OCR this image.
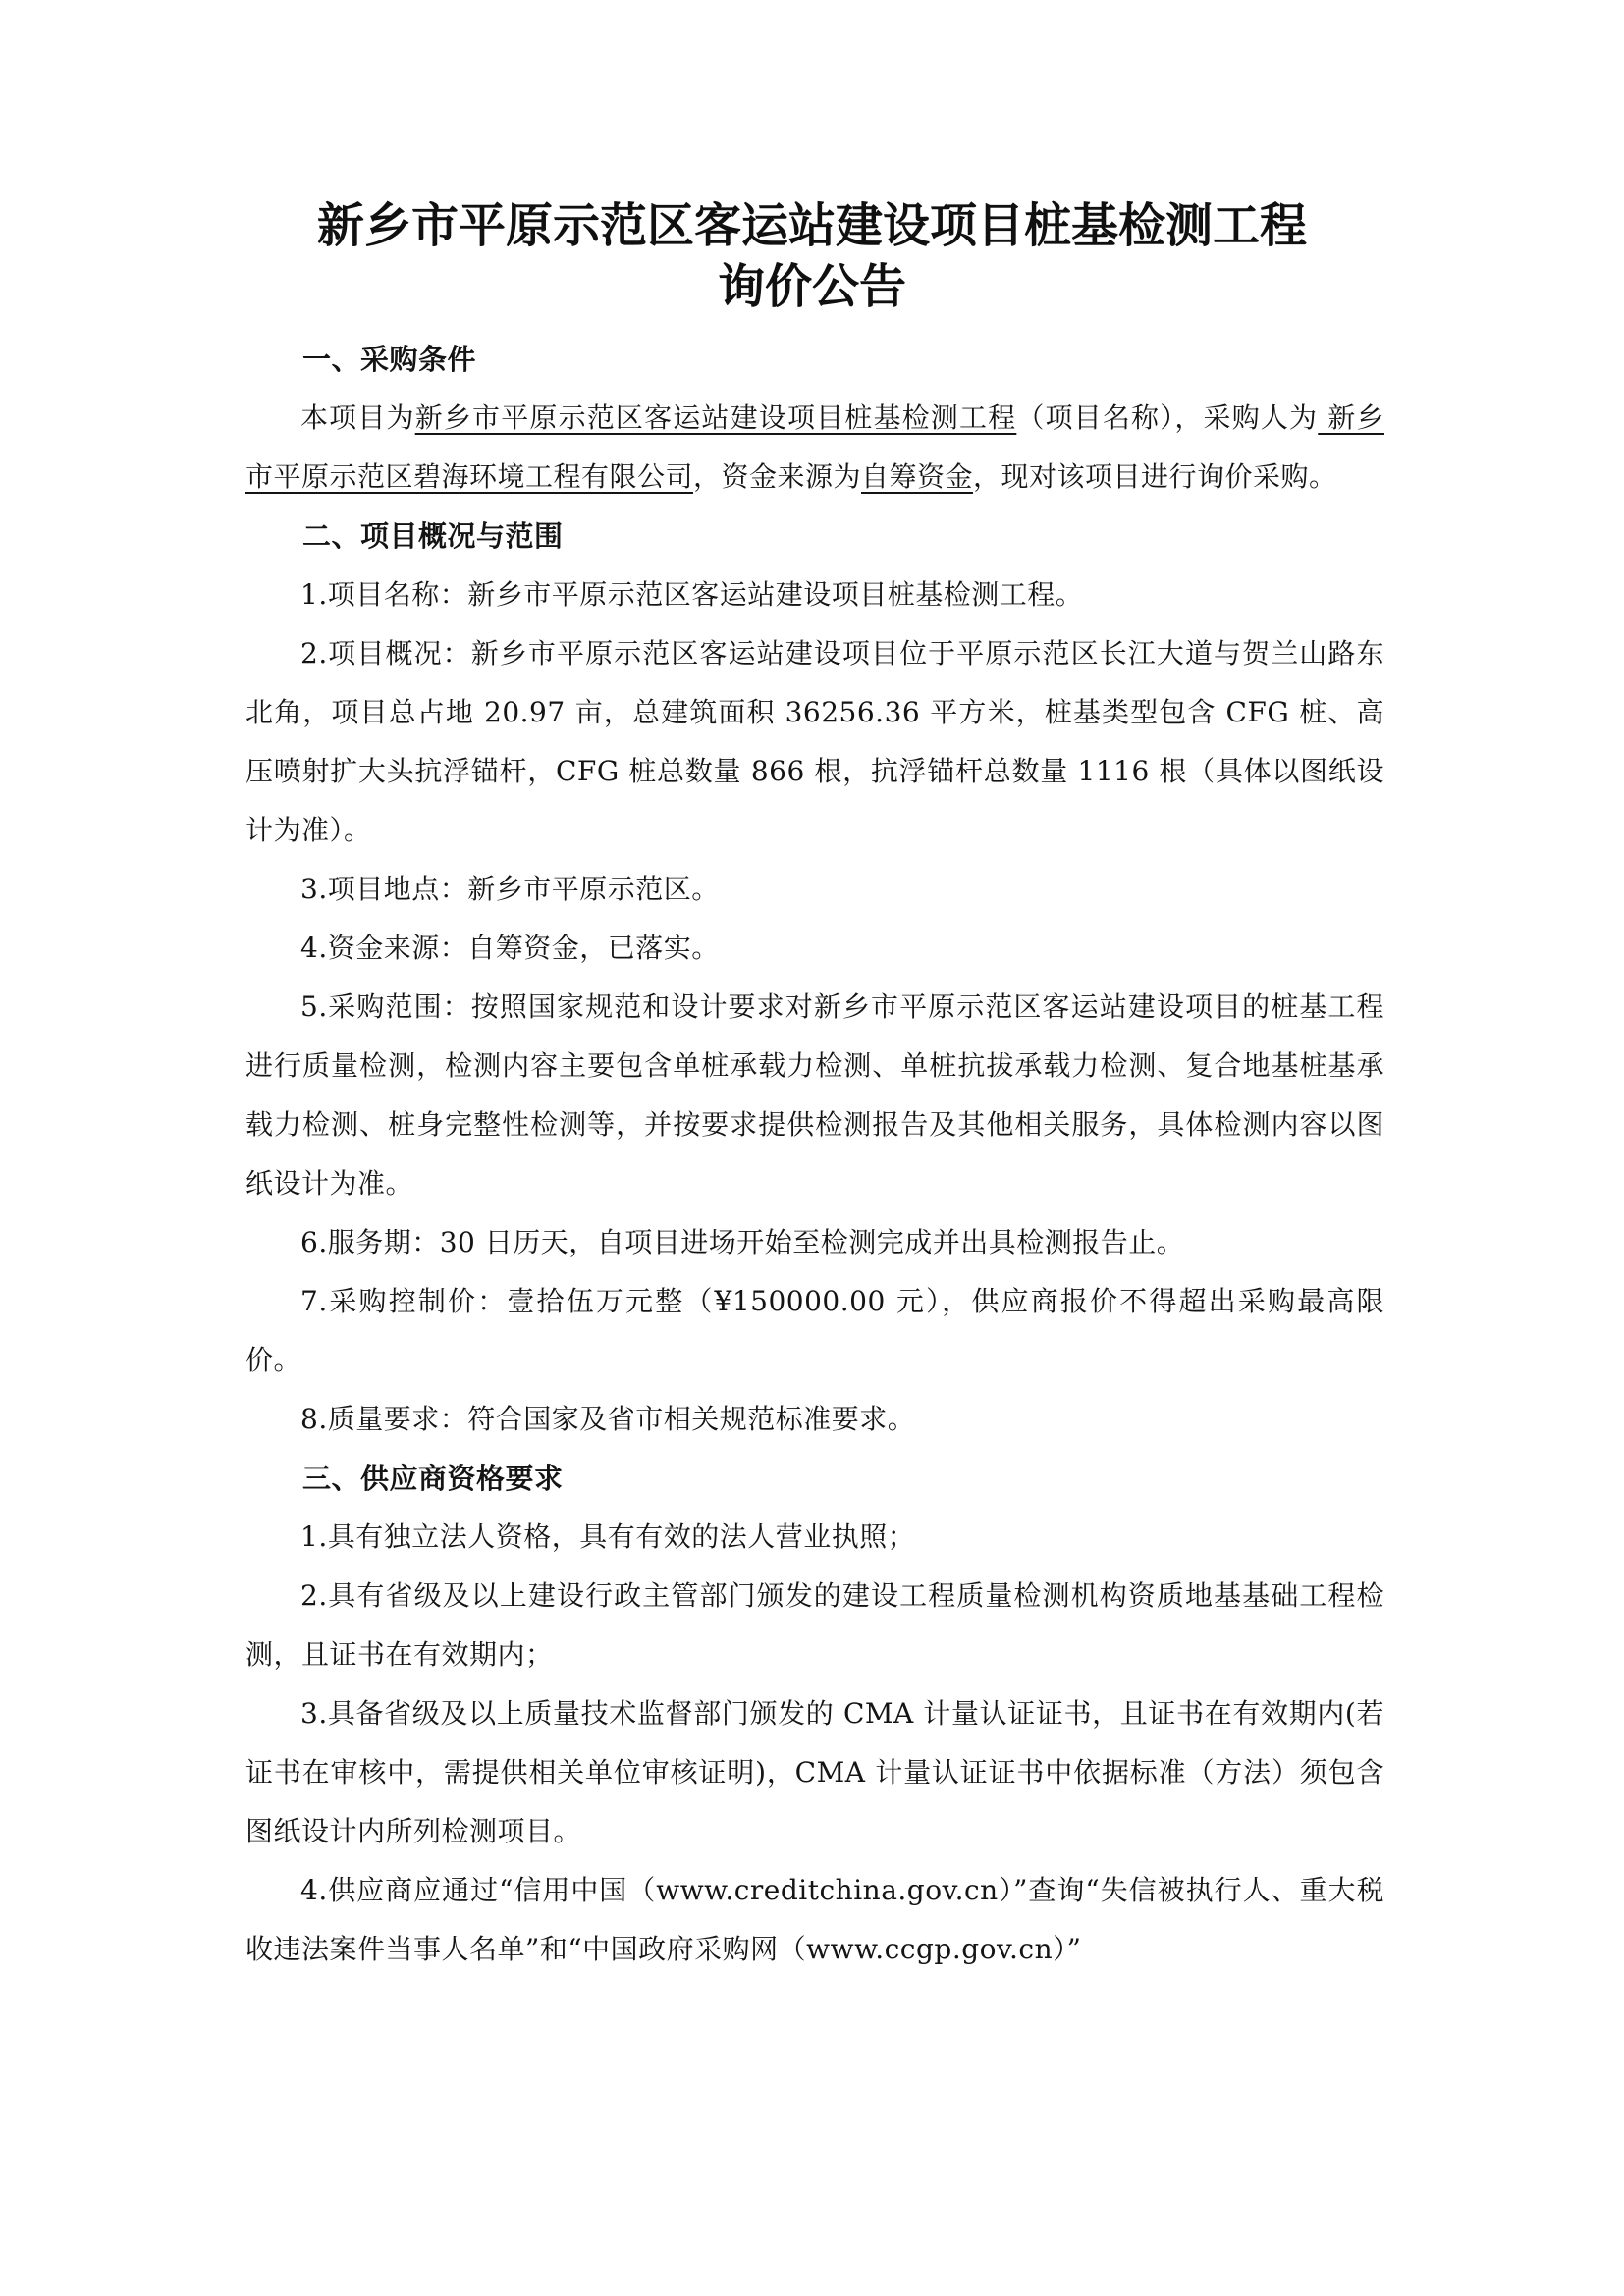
新乡市平原示范区客运站建设项目桩基检测工程
询价公告

一、采购条件

本项目为新乡市平原示范区客运站建设项目桩基检测工程（项目名称），采购人为 新乡市平原示范区碧海环境工程有限公司，资金来源为自筹资金，现对该项目进行询价采购。

二、项目概况与范围

1.项目名称：新乡市平原示范区客运站建设项目桩基检测工程。

2.项目概况：新乡市平原示范区客运站建设项目位于平原示范区长江大道与贺兰山路东北角，项目总占地 20.97 亩，总建筑面积 36256.36 平方米，桩基类型包含 CFG 桩、高压喷射扩大头抗浮锚杆，CFG 桩总数量 866 根，抗浮锚杆总数量 1116 根（具体以图纸设计为准）。

3.项目地点：新乡市平原示范区。

4.资金来源：自筹资金，已落实。

5.采购范围：按照国家规范和设计要求对新乡市平原示范区客运站建设项目的桩基工程进行质量检测，检测内容主要包含单桩承载力检测、单桩抗拔承载力检测、复合地基桩基承载力检测、桩身完整性检测等，并按要求提供检测报告及其他相关服务，具体检测内容以图纸设计为准。

6.服务期：30 日历天，自项目进场开始至检测完成并出具检测报告止。

7.采购控制价：壹拾伍万元整（¥150000.00 元），供应商报价不得超出采购最高限价。

8.质量要求：符合国家及省市相关规范标准要求。

三、供应商资格要求

1.具有独立法人资格，具有有效的法人营业执照；

2.具有省级及以上建设行政主管部门颁发的建设工程质量检测机构资质地基基础工程检测，且证书在有效期内；

3.具备省级及以上质量技术监督部门颁发的 CMA 计量认证证书，且证书在有效期内(若证书在审核中，需提供相关单位审核证明)，CMA 计量认证证书中依据标准（方法）须包含图纸设计内所列检测项目。

4.供应商应通过“信用中国（www.creditchina.gov.cn）”查询“失信被执行人、重大税收违法案件当事人名单”和“中国政府采购网（www.ccgp.gov.cn）”
